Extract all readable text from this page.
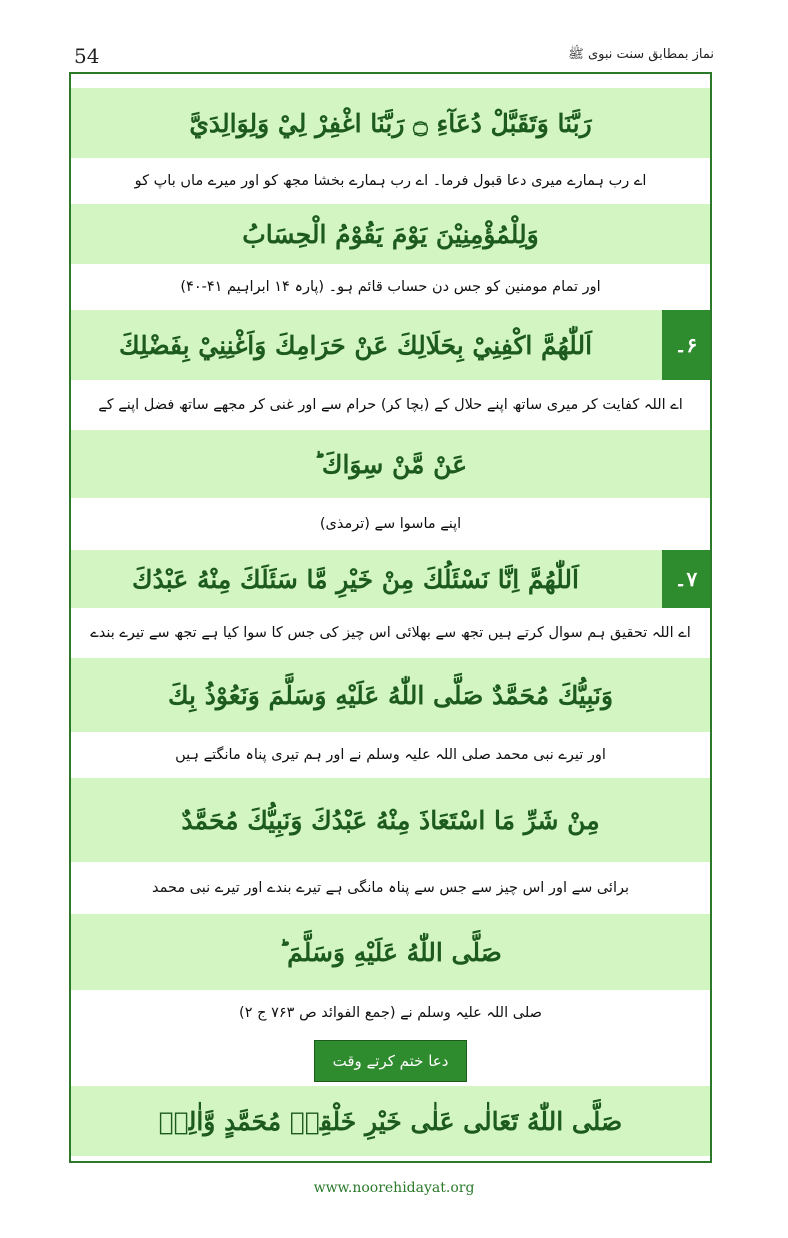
54	نماز بمطابق سنت نبوی ﷺ
رَبَّنَا وَتَقَبَّلْ دُعَآءِ ۝ رَبَّنَا اغْفِرْ لِيْ وَلِوَالِدَيَّ
اے رب ہمارے میری دعا قبول فرما۔ اے رب ہمارے بخشا مجھ کو اور میرے ماں باپ کو
وَلِلْمُؤْمِنِيْنَ يَوْمَ يَقُوْمُ الْحِسَابُ
اور تمام مومنین کو جس دن حساب قائم ہو۔ (پارہ ۱۴ ابراہیم ۴۱-۴۰)
۶۔
اَللّٰهُمَّ اكْفِنِيْ بِحَلَالِكَ عَنْ حَرَامِكَ وَاَغْنِنِيْ بِفَضْلِكَ
اے اللہ کفایت کر میری ساتھ اپنے حلال کے (بچا کر) حرام سے اور غنی کر مجھے ساتھ فضل اپنے کے
عَنْ مَّنْ سِوَاكَ ؕ
اپنے ماسوا سے (ترمذی)
۷۔
اَللّٰهُمَّ اِنَّا نَسْئَلُكَ مِنْ خَيْرِ مَّا سَئَلَكَ مِنْهُ عَبْدُكَ
اے اللہ تحقیق ہم سوال کرتے ہیں تجھ سے بھلائی اس چیز کی جس کا سوا کیا ہے تجھ سے تیرے بندے
وَنَبِيُّكَ مُحَمَّدٌ صَلَّى اللّٰهُ عَلَيْهِ وَسَلَّمَ وَنَعُوْذُ بِكَ
اور تیرے نبی محمد صلی اللہ علیہ وسلم نے اور ہم تیری پناہ مانگتے ہیں
مِنْ شَرِّ مَا اسْتَعَاذَ مِنْهُ عَبْدُكَ وَنَبِيُّكَ مُحَمَّدٌ
برائی سے اور اس چیز سے جس سے پناہ مانگی ہے تیرے بندے اور تیرے نبی محمد
صَلَّى اللّٰهُ عَلَيْهِ وَسَلَّمَ ؕ
صلی اللہ علیہ وسلم نے (جمع الفوائد ص ۷۶۳ ج ۲)
دعا ختم کرتے وقت
صَلَّى اللّٰهُ تَعَالٰى عَلٰى خَيْرِ خَلْقِهٖ مُحَمَّدٍ وَّاٰلِهٖ
www.noorehidayat.org
